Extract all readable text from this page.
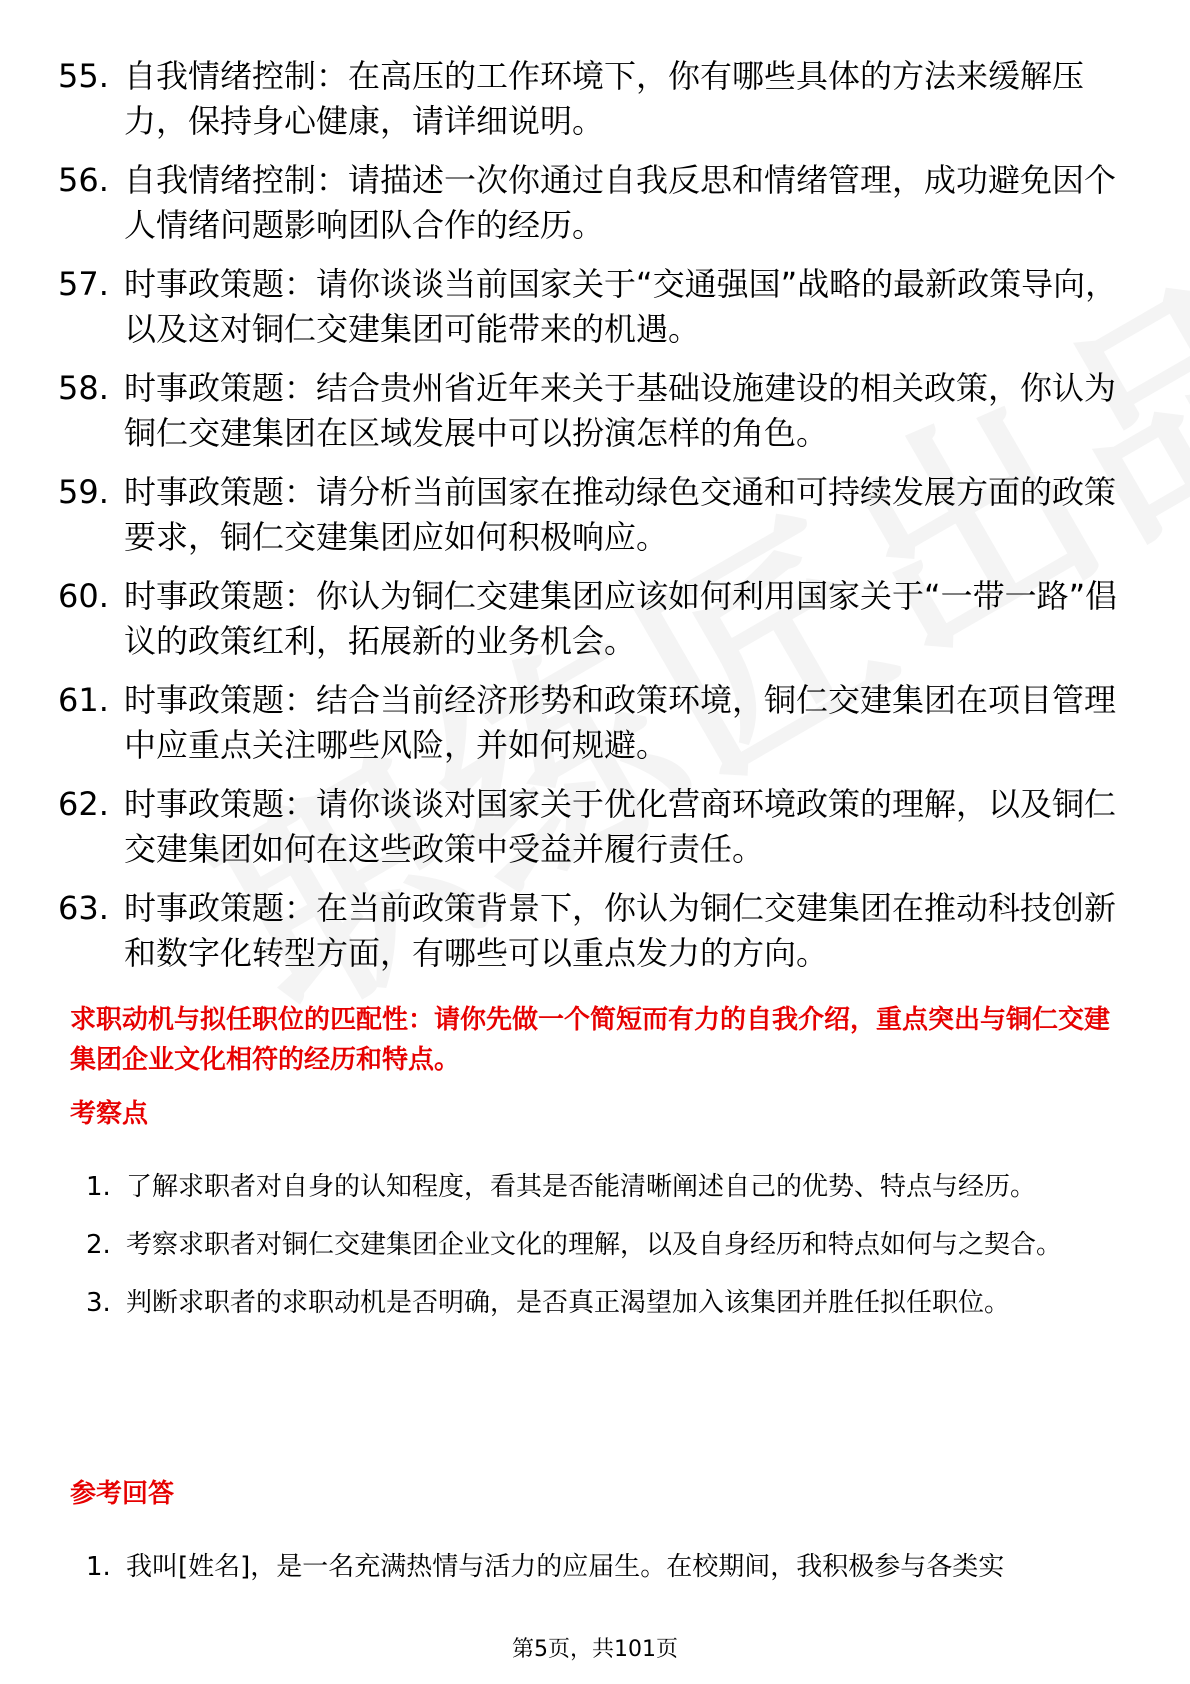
55. 自我情绪控制：在高压的工作环境下，你有哪些具体的方法来缓解压力，保持身心健康，请详细说明。
56. 自我情绪控制：请描述一次你通过自我反思和情绪管理，成功避免因个人情绪问题影响团队合作的经历。
57. 时事政策题：请你谈谈当前国家关于“交通强国”战略的最新政策导向，以及这对铜仁交建集团可能带来的机遇。
58. 时事政策题：结合贵州省近年来关于基础设施建设的相关政策，你认为铜仁交建集团在区域发展中可以扮演怎样的角色。
59. 时事政策题：请分析当前国家在推动绿色交通和可持续发展方面的政策要求，铜仁交建集团应如何积极响应。
60. 时事政策题：你认为铜仁交建集团应该如何利用国家关于“一带一路”倡议的政策红利，拓展新的业务机会。
61. 时事政策题：结合当前经济形势和政策环境，铜仁交建集团在项目管理中应重点关注哪些风险，并如何规避。
62. 时事政策题：请你谈谈对国家关于优化营商环境政策的理解，以及铜仁交建集团如何在这些政策中受益并履行责任。
63. 时事政策题：在当前政策背景下，你认为铜仁交建集团在推动科技创新和数字化转型方面，有哪些可以重点发力的方向。
求职动机与拟任职位的匹配性：请你先做一个简短而有力的自我介绍，重点突出与铜仁交建集团企业文化相符的经历和特点。
考察点
1. 了解求职者对自身的认知程度，看其是否能清晰阐述自己的优势、特点与经历。
2. 考察求职者对铜仁交建集团企业文化的理解，以及自身经历和特点如何与之契合。
3. 判断求职者的求职动机是否明确，是否真正渴望加入该集团并胜任拟任职位。
参考回答
1. 我叫[姓名]，是一名充满热情与活力的应届生。在校期间，我积极参与各类实
第5页，共101页
